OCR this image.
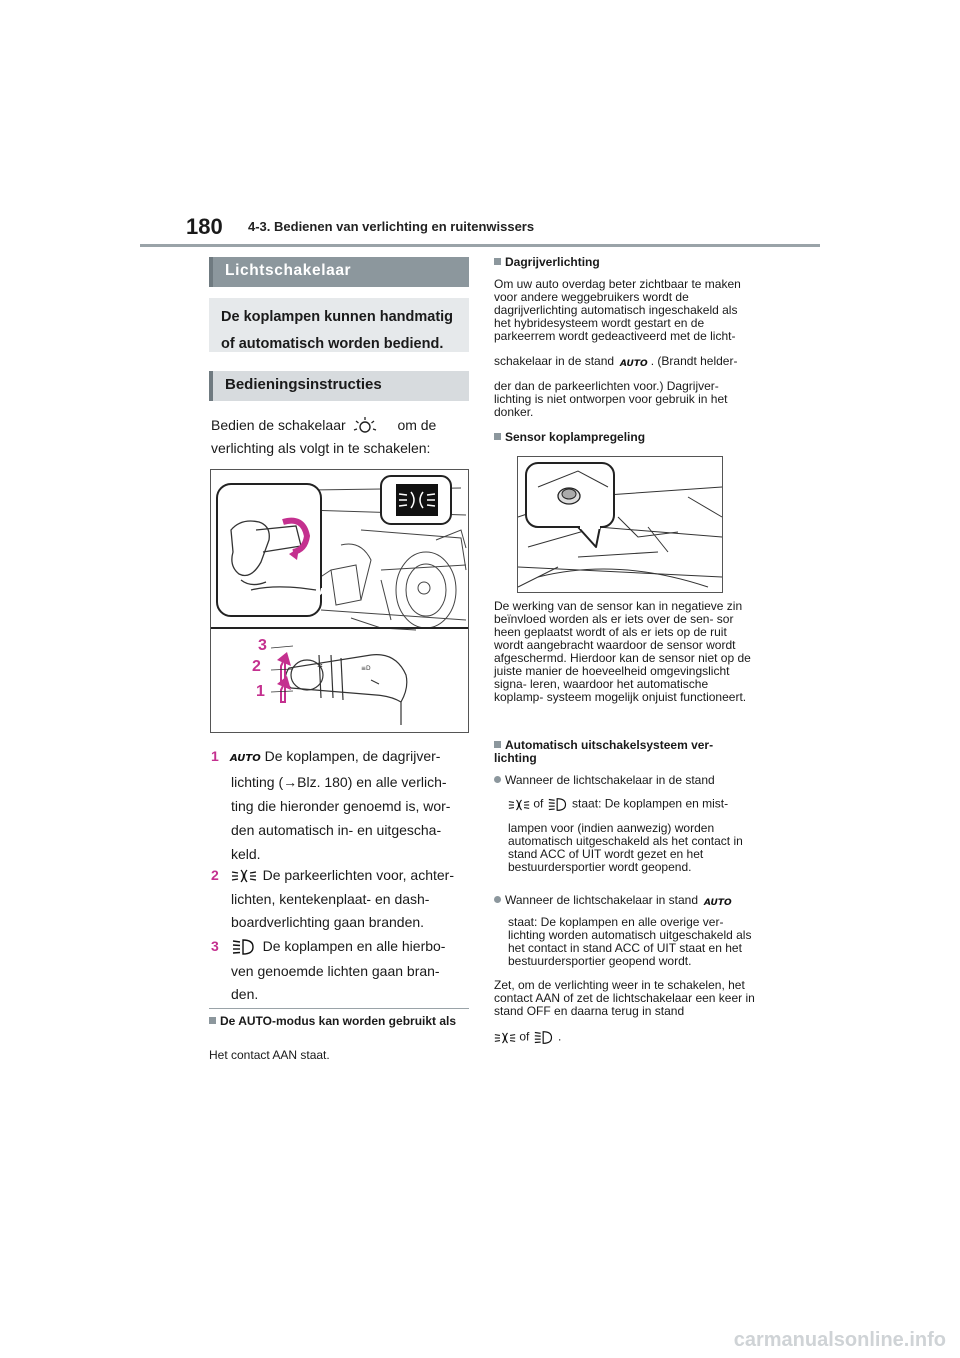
180 4-3. Bedienen van verlichting en ruitenwissers
Lichtschakelaar
De koplampen kunnen handmatig of automatisch worden bediend.
Bedieningsinstructies
Bedien de schakelaar	om de
verlichting als volgt in te schakelen:
✲	≡D
3
2
1
1 AUTO De koplampen, de dagrijver-
lichting (→Blz. 180) en alle verlich- ting die hieronder genoemd is, wor- den automatisch in- en uitgescha- keld.
2	De parkeerlichten voor, achter-
lichten, kentekenplaat- en dash- boardverlichting gaan branden.
3	De koplampen en alle hierbo-
ven genoemde lichten gaan bran- den.
De AUTO-modus kan worden gebruikt als
Het contact AAN staat.
Dagrijverlichting
Om uw auto overdag beter zichtbaar te maken voor andere weggebruikers wordt de dagrijverlichting automatisch ingeschakeld als het hybridesysteem wordt gestart en de parkeerrem wordt gedeactiveerd met de licht-
schakelaar in de stand AUTO . (Brandt helder-
der dan de parkeerlichten voor.) Dagrijver- lichting is niet ontworpen voor gebruik in het donker.
Sensor koplampregeling
De werking van de sensor kan in negatieve zin beïnvloed worden als er iets over de sen- sor heen geplaatst wordt of als er iets op de ruit wordt aangebracht waardoor de sensor wordt afgeschermd. Hierdoor kan de sensor niet op de juiste manier de hoeveelheid omgevingslicht signa- leren, waardoor het automatische koplamp- systeem mogelijk onjuist functioneert.
Automatisch uitschakelsysteem ver- lichting
Wanneer de lichtschakelaar in de stand
of staat: De koplampen en mist-
lampen voor (indien aanwezig) worden automatisch uitgeschakeld als het contact in stand ACC of UIT wordt gezet en het bestuurdersportier wordt geopend.
Wanneer de lichtschakelaar in stand AUTO
staat: De koplampen en alle overige ver- lichting worden automatisch uitgeschakeld als het contact in stand ACC of UIT staat en het bestuurdersportier geopend wordt.
Zet, om de verlichting weer in te schakelen, het contact AAN of zet de lichtschakelaar een keer in stand OFF en daarna terug in stand
of .
carmanualsonline.info
